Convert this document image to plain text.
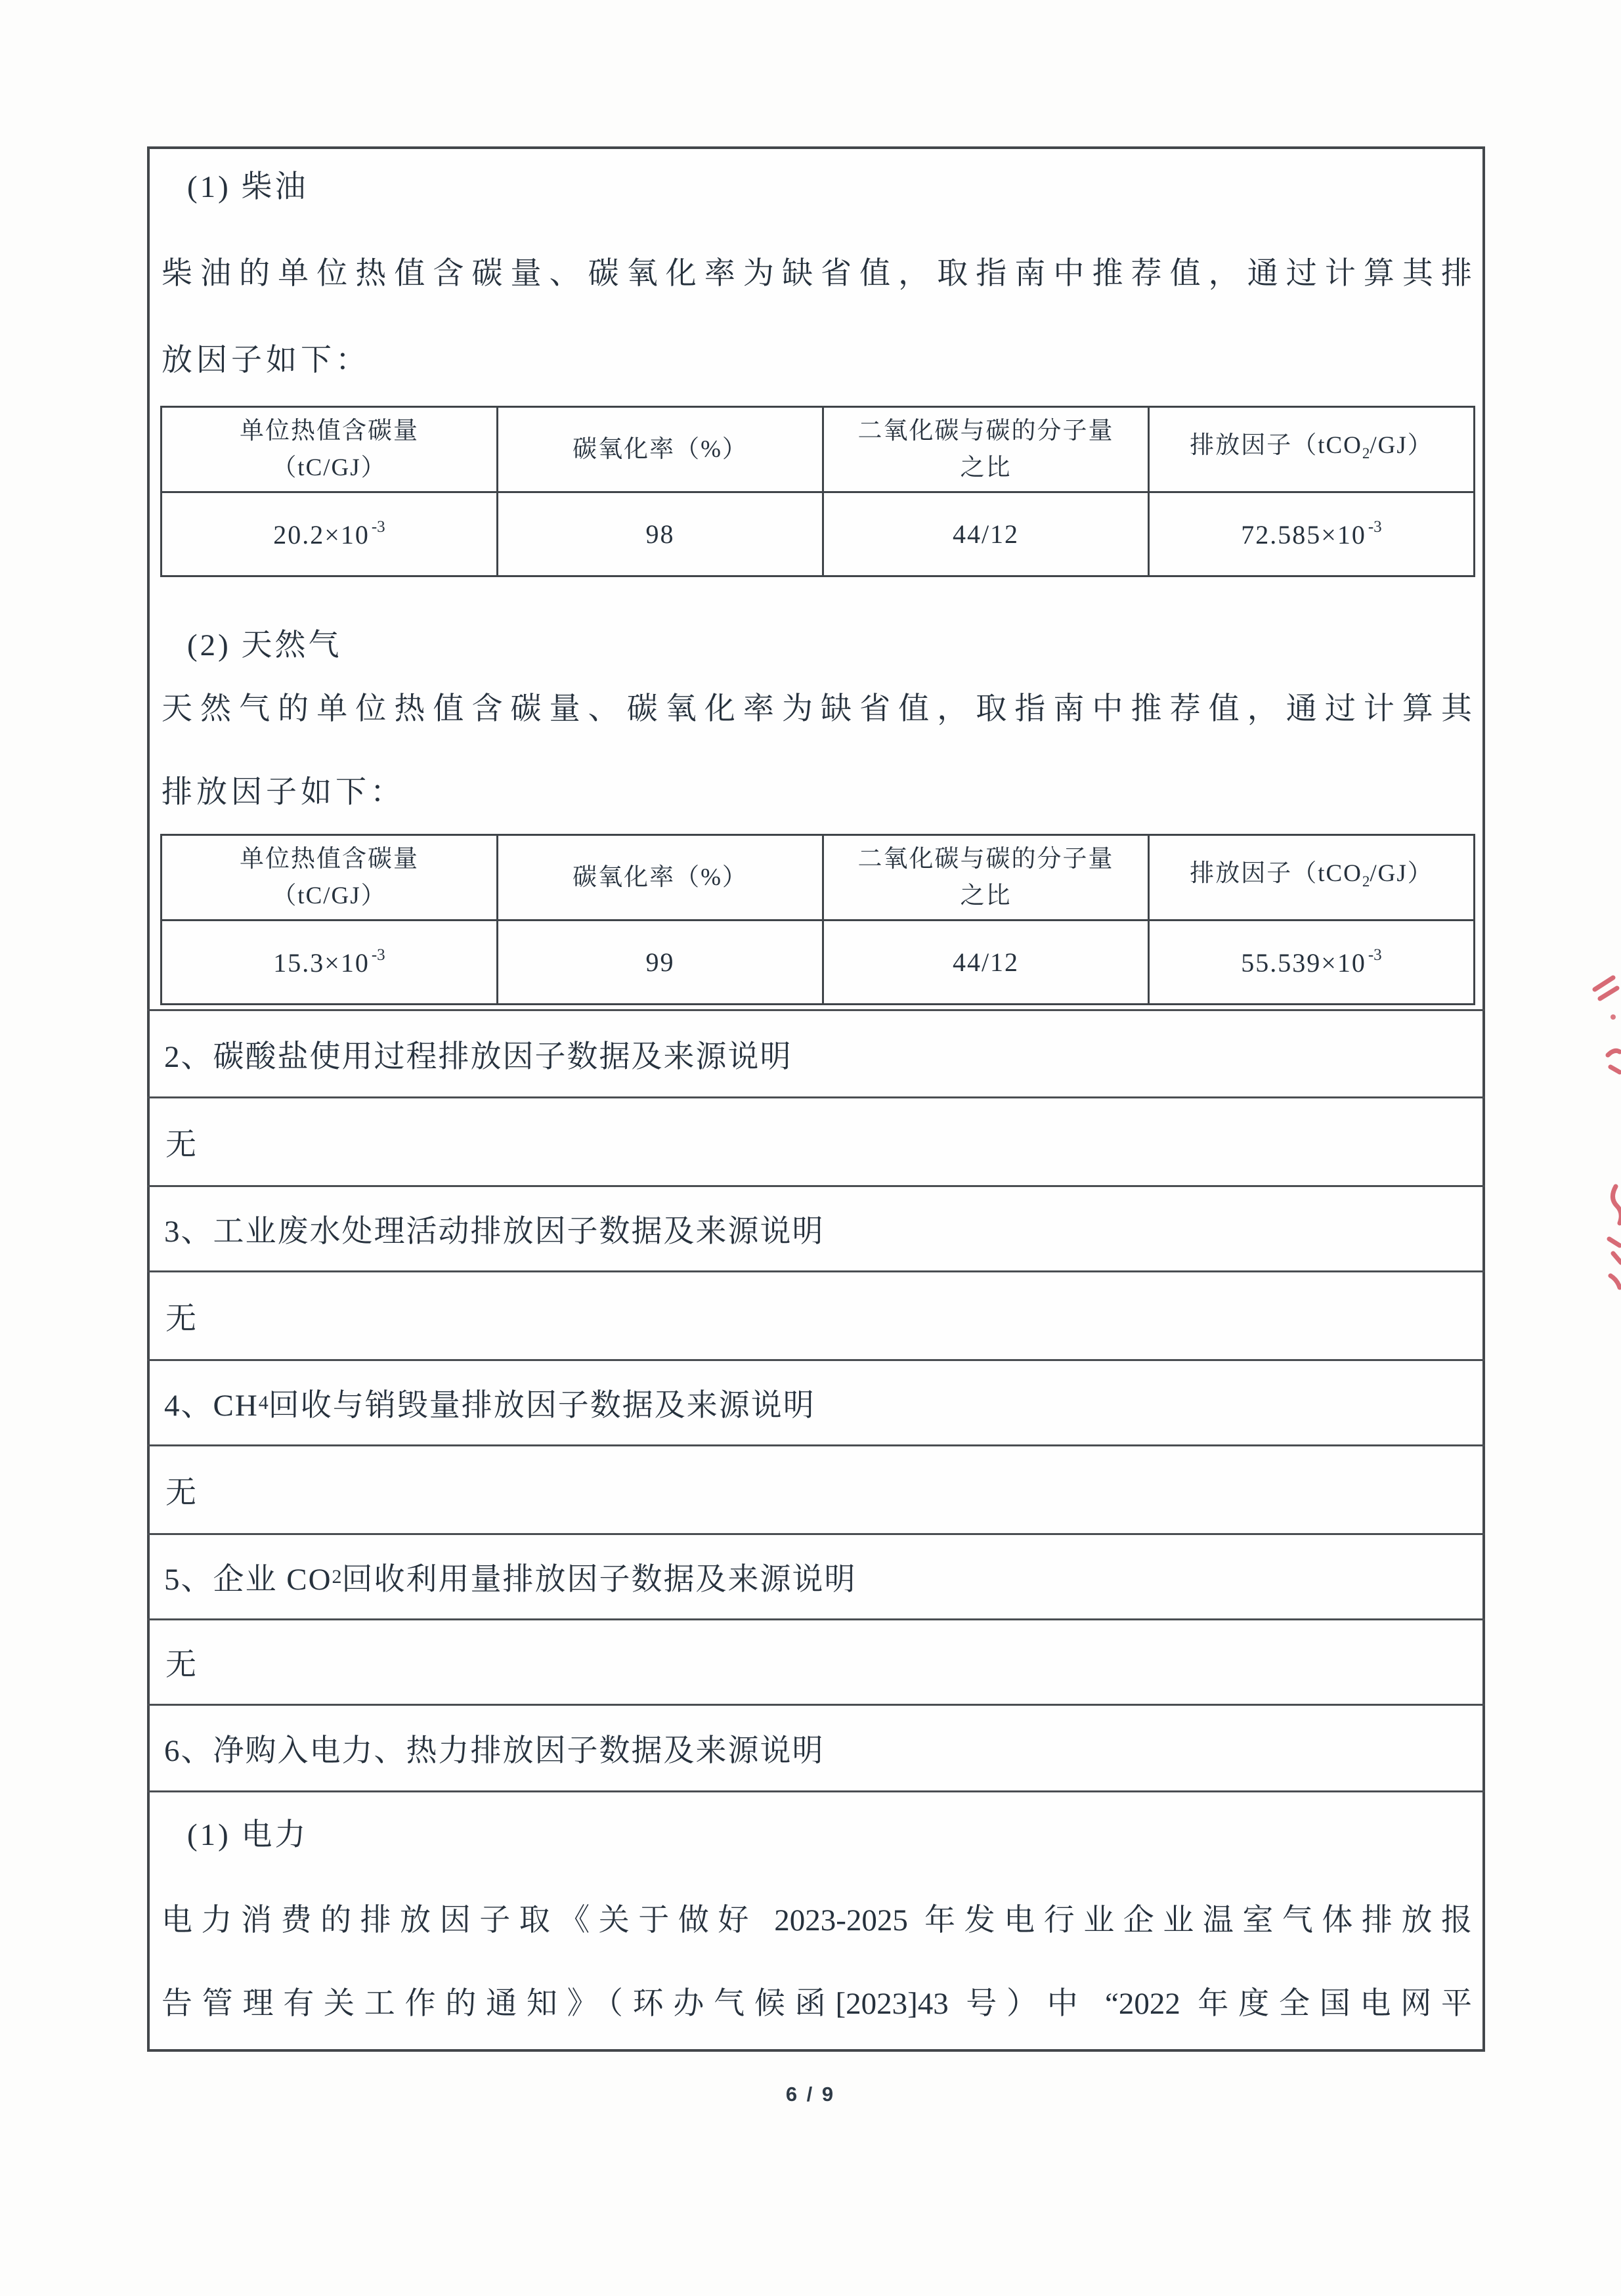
(1) 柴油
柴油的单位热值含碳量、碳氧化率为缺省值，取指南中推荐值，通过计算其排
放因子如下：
单位热值含碳量
（tC/GJ）
	碳氧化率（%）	
二氧化碳与碳的分子量
之比
	排放因子（tCO$_2$/GJ）
20.2×10 $^{-3}$	98	44/12	72.585×10 $^{-3}$
(2) 天然气
天然气的单位热值含碳量、碳氧化率为缺省值，取指南中推荐值，通过计算其
排放因子如下：
单位热值含碳量
（tC/GJ）
	碳氧化率（%）	
二氧化碳与碳的分子量
之比
	排放因子（tCO$_2$/GJ）
15.3×10 $^{-3}$	99	44/12	55.539×10 $^{-3}$
2、碳酸盐使用过程排放因子数据及来源说明
无
3、工业废水处理活动排放因子数据及来源说明
无
4、CH 4 回收与销毁量排放因子数据及来源说明
无
5、企业 CO 2 回收利用量排放因子数据及来源说明
无
6、净购入电力、热力排放因子数据及来源说明
(1) 电力
电力消费的排放因子取《关于做好 2023-2025 年发电行业企业温室气体排放报
告管理有关工作的通知》（环办气候函[2023]43 号）中 “2022 年度全国电网平
6 / 9
